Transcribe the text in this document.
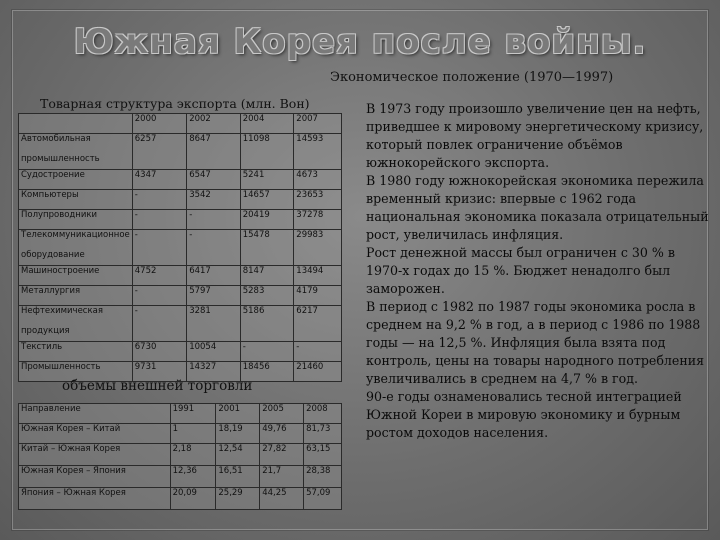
Южная Корея после войны.
Экономическое положение (1970—1997)
Товарная структура экспорта (млн. Вон)
	2000	2002	2004	2007

Автомобильная
промышленность	6257	8647	11098	14593
Судостроение	4347	6547	5241	4673
Компьютеры	-	3542	14657	23653
Полупроводники	-	-	20419	37278

Телекоммуникационное
оборудование	-	-	15478	29983
Машиностроение	4752	6417	8147	13494
Металлургия	-	5797	5283	4179

Нефтехимическая
продукция	-	3281	5186	6217
Текстиль	6730	10054	-	-
Промышленность	9731	14327	18456	21460
объемы внешней торговли
Направление	1991	2001	2005	2008
Южная Корея – Китай	1	18,19	49,76	81,73
Китай – Южная Корея	2,18	12,54	27,82	63,15
Южная Корея – Япония	12,36	16,51	21,7	28,38
Япония – Южная Корея	20,09	25,29	44,25	57,09

В 1973 году произошло увеличение цен на нефть, приведшее к мировому энергетическому кризису, который повлек ограничение объёмов южнокорейского экспорта.

В 1980 году южнокорейская экономика пережила временный кризис: впервые с 1962 года национальная экономика показала отрицательный рост, увеличилась инфляция.

Рост денежной массы был ограничен с 30 % в 1970-х годах до 15 %. Бюджет ненадолго был заморожен.

В период с 1982 по 1987 годы экономика росла в среднем на 9,2 % в год, а в период с 1986 по 1988 годы — на 12,5 %. Инфляция была взята под контроль, цены на товары народного потребления увеличивались в среднем на 4,7 % в год.

90-е годы ознаменовались тесной интеграцией Южной Кореи в мировую экономику и бурным ростом доходов населения.
